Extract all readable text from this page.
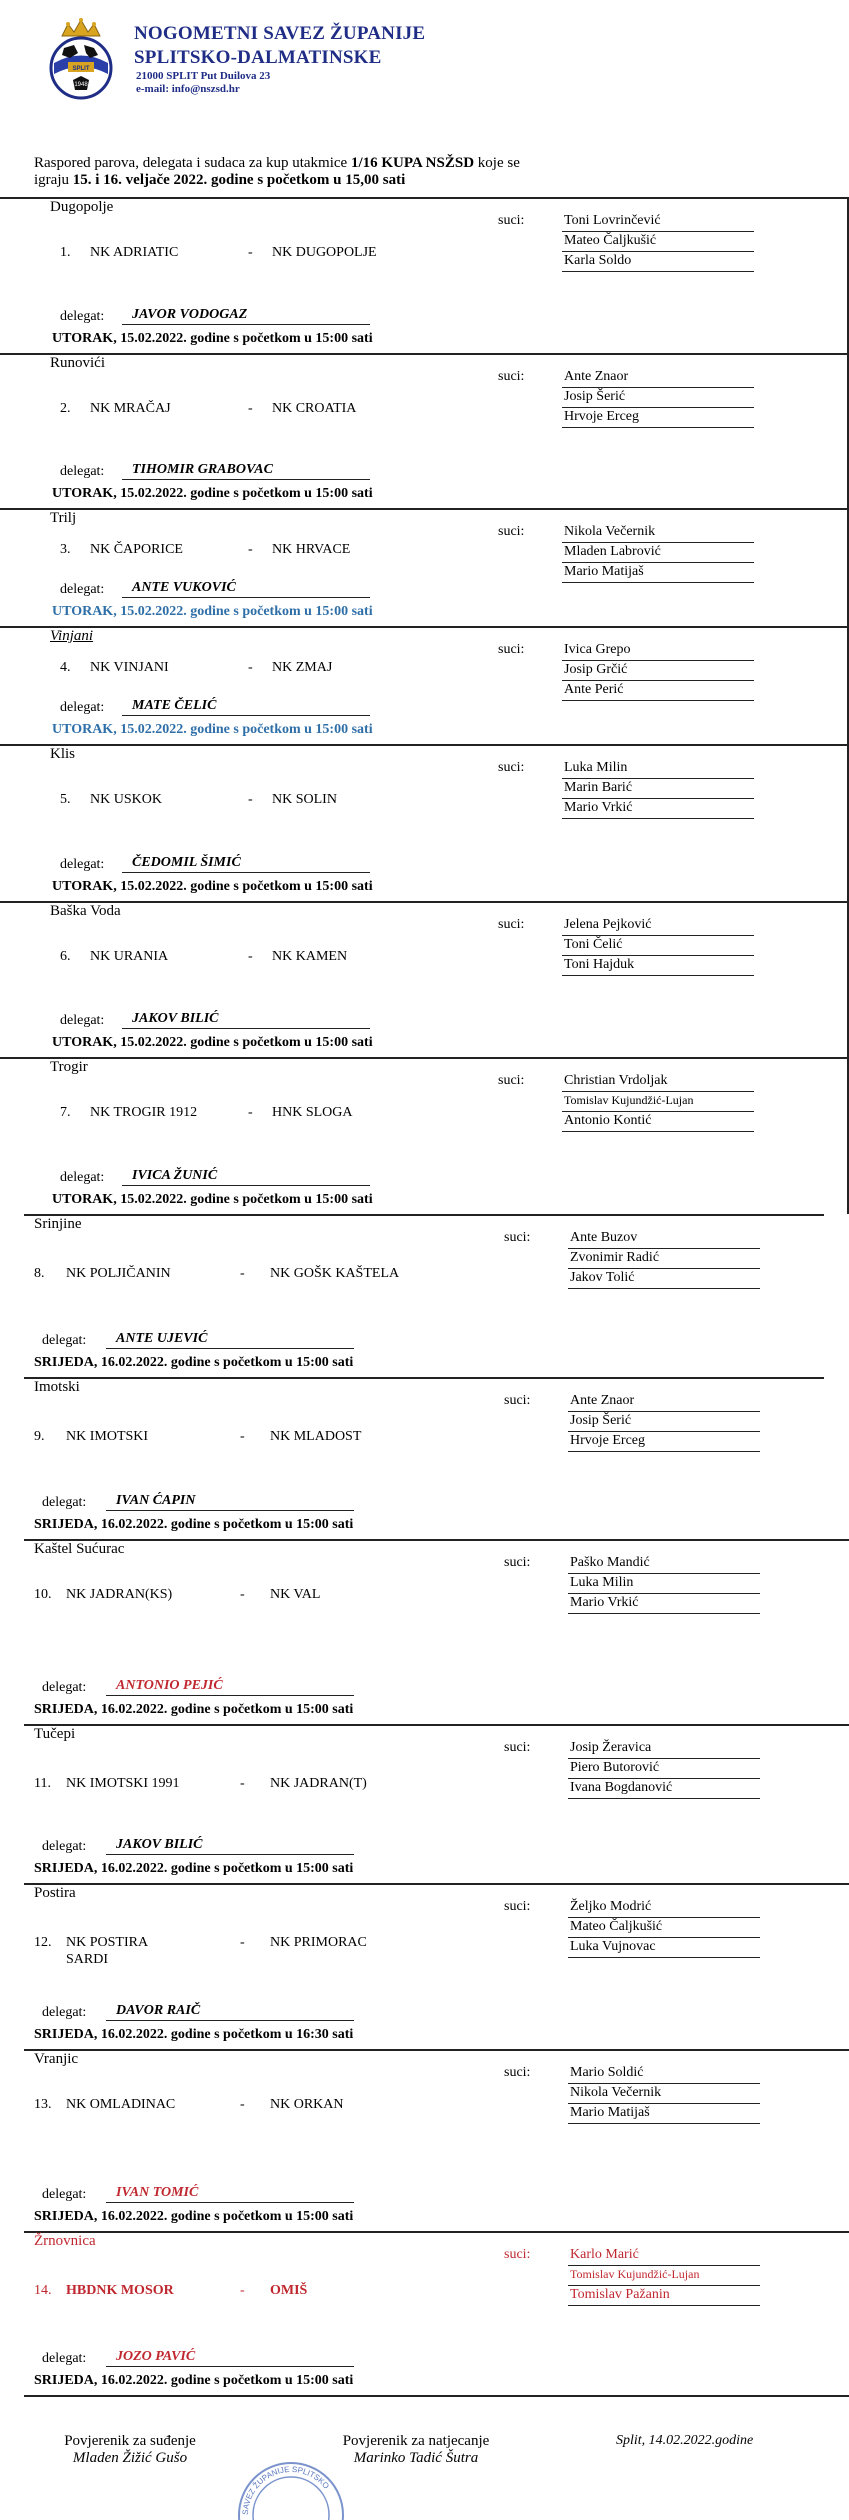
SPLIT
1948
NOGOMETNI SAVEZ ŽUPANIJE
SPLITSKO-DALMATINSKE
21000 SPLIT Put Duilova 23
e-mail: info@nszsd.hr
Raspored parova, delegata i sudaca za kup utakmice 1/16 KUPA NSŽSD koje se
igraju 15. i 16. veljače 2022. godine s početkom u 15,00 sati
Dugopolje
1. NK ADRIATIC	- NK DUGOPOLJE
suci:	Toni Lovrinčević
Mateo Čaljkušić
Karla Soldo
delegat:	JAVOR VODOGAZ
UTORAK, 15.02.2022. godine s početkom u 15:00 sati
Runovići
2. NK MRAČAJ	- NK CROATIA
suci:	Ante Znaor
Josip Šerić
Hrvoje Erceg
delegat:	TIHOMIR GRABOVAC
UTORAK, 15.02.2022. godine s početkom u 15:00 sati
Trilj
3. NK ČAPORICE	- NK HRVACE
suci:	Nikola Večernik
Mladen Labrović
Mario Matijaš
delegat:	ANTE VUKOVIĆ
UTORAK, 15.02.2022. godine s početkom u 15:00 sati
Vinjani
4. NK VINJANI	- NK ZMAJ
suci:	Ivica Grepo
Josip Grčić
Ante Perić
delegat:	MATE ČELIĆ
UTORAK, 15.02.2022. godine s početkom u 15:00 sati
Klis
5. NK USKOK	- NK SOLIN
suci:	Luka Milin
Marin Barić
Mario Vrkić
delegat:	ČEDOMIL ŠIMIĆ
UTORAK, 15.02.2022. godine s početkom u 15:00 sati
Baška Voda
6. NK URANIA	- NK KAMEN
suci:	Jelena Pejković
Toni Čelić
Toni Hajduk
delegat:	JAKOV BILIĆ
UTORAK, 15.02.2022. godine s početkom u 15:00 sati
Trogir
7. NK TROGIR 1912	- HNK SLOGA
suci:	Christian Vrdoljak
Tomislav Kujundžić-Lujan
Antonio Kontić
delegat:	IVICA ŽUNIĆ
UTORAK, 15.02.2022. godine s početkom u 15:00 sati
Srinjine
8. NK POLJIČANIN	- NK GOŠK KAŠTELA
suci:	Ante Buzov
Zvonimir Radić
Jakov Tolić
delegat:	ANTE UJEVIĆ
SRIJEDA, 16.02.2022. godine s početkom u 15:00 sati
Imotski
9. NK IMOTSKI	- NK MLADOST
suci:	Ante Znaor
Josip Šerić
Hrvoje Erceg
delegat:	IVAN ĆAPIN
SRIJEDA, 16.02.2022. godine s početkom u 15:00 sati
Kaštel Sućurac
10. NK JADRAN(KS)	- NK VAL
suci:	Paško Mandić
Luka Milin
Mario Vrkić
delegat:	ANTONIO PEJIĆ
SRIJEDA, 16.02.2022. godine s početkom u 15:00 sati
Tučepi
11. NK IMOTSKI 1991	- NK JADRAN(T)
suci:	Josip Žeravica
Piero Butorović
Ivana Bogdanović
delegat:	JAKOV BILIĆ
SRIJEDA, 16.02.2022. godine s početkom u 15:00 sati
Postira
12. NK POSTIRA
SARDI
- NK PRIMORAC
suci:	Željko Modrić
Mateo Čaljkušić
Luka Vujnovac
delegat:	DAVOR RAIČ
SRIJEDA, 16.02.2022. godine s početkom u 16:30 sati
Vranjic
13. NK OMLADINAC	- NK ORKAN
suci:	Mario Soldić
Nikola Večernik
Mario Matijaš
delegat:	IVAN TOMIĆ
SRIJEDA, 16.02.2022. godine s početkom u 15:00 sati
Žrnovnica
14. HBDNK MOSOR	- OMIŠ
suci:	Karlo Marić
Tomislav Kujundžić-Lujan
Tomislav Pažanin
delegat:	JOZO PAVIĆ
SRIJEDA, 16.02.2022. godine s početkom u 15:00 sati
Povjerenik za suđenje
Mladen Žižić Gušo
Povjerenik za natjecanje
Marinko Tadić Šutra
Split, 14.02.2022.godine
SAVEZ ŽUPANIJE SPLITSKO
